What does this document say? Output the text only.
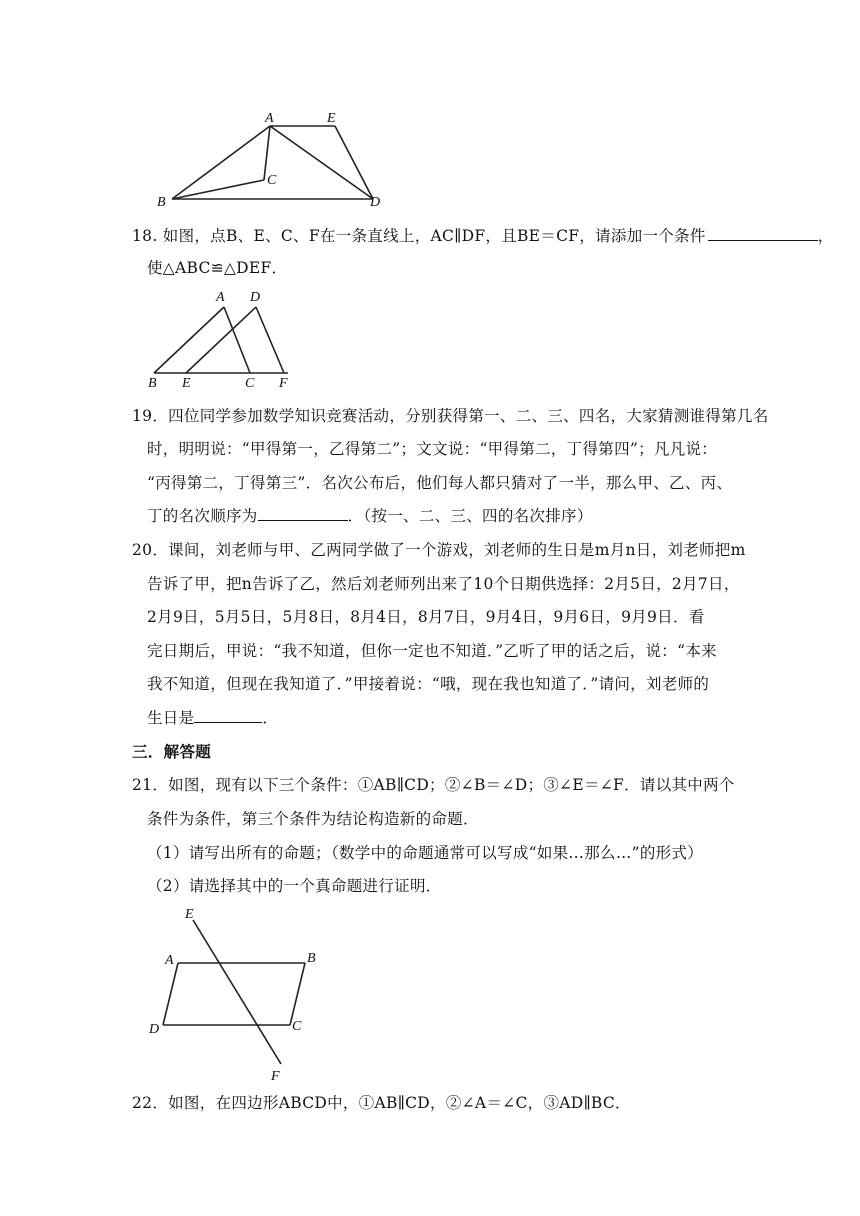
A	E
C
B	D
18. 如图，点B、E、C、F在一条直线上，AC∥DF，且BE＝CF，请添加一个条件	，
使△ABC≌△DEF．
A D
B E	C F
19．四位同学参加数学知识竞赛活动，分别获得第一、二、三、四名，大家猜测谁得第几名
时，明明说：“甲得第一，乙得第二”；文文说：“甲得第二，丁得第四”；凡凡说：
“丙得第二，丁得第三”．名次公布后，他们每人都只猜对了一半，那么甲、乙、丙、
丁的名次顺序为	．（按一、二、三、四的名次排序）
20．课间，刘老师与甲、乙两同学做了一个游戏，刘老师的生日是m月n日，刘老师把m
告诉了甲，把n告诉了乙，然后刘老师列出来了10个日期供选择：2月5日，2月7日，
2月9日，5月5日，5月8日，8月4日，8月7日，9月4日，9月6日，9月9日．看
完日期后，甲说：“我不知道，但你一定也不知道．”乙听了甲的话之后，说：“本来
我不知道，但现在我知道了．”甲接着说：“哦，现在我也知道了．”请问，刘老师的
生日是	．
三．解答题
21．如图，现有以下三个条件：①AB∥CD；②∠B＝∠D；③∠E＝∠F．请以其中两个
条件为条件，第三个条件为结论构造新的命题．
（1）请写出所有的命题；（数学中的命题通常可以写成“如果…那么…”的形式）
（2）请选择其中的一个真命题进行证明．
E
A	B
D	C
F
22．如图，在四边形ABCD中，①AB∥CD，②∠A＝∠C，③AD∥BC．
